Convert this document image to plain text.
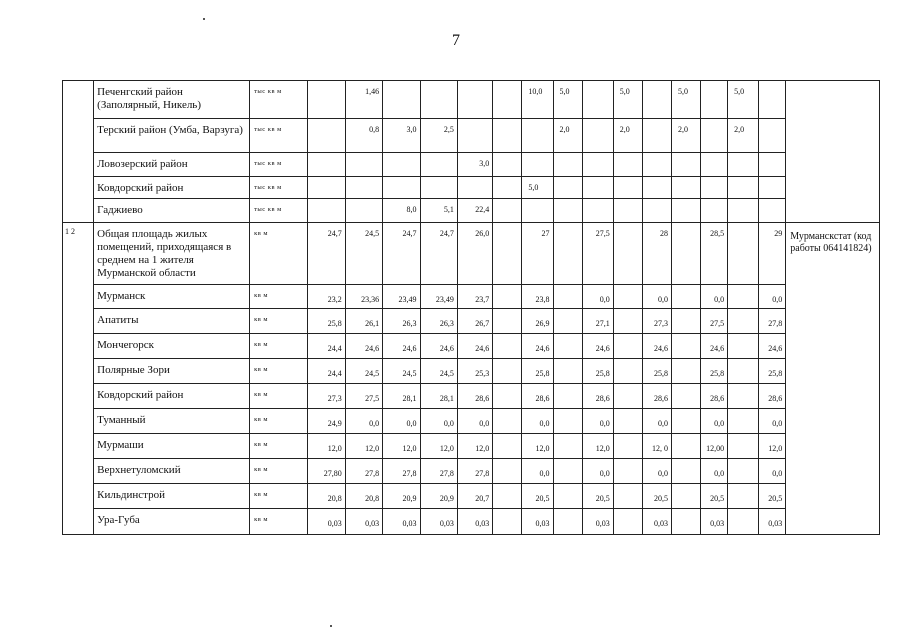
7
	Печенгский район (Заполярный, Никель)	тыс кв м		1,46					10,0	5,0		5,0		5,0		5,0		
	Терский район (Умба, Варзуга)	тыс кв м		0,8	3,0	2,5				2,0		2,0		2,0		2,0		
	Ловозерский район	тыс кв м					3,0											
	Ковдорский район	тыс кв м							5,0									
	Гаджиево	тыс кв м			8,0	5,1	22,4											
1 2	Общая площадь жилых помещений, приходящаяся в среднем на 1 жителя Мурманской области	кв м	24,7	24,5	24,7	24,7	26,0		27		27,5		28		28,5		29	Мурманскстат (код работы 064141824)
	Мурманск	кв м	23,2	23,36	23,49	23,49	23,7		23,8		0,0		0,0		0,0		0,0	
	Апатиты	кв м	25,8	26,1	26,3	26,3	26,7		26,9		27,1		27,3		27,5		27,8	
	Мончегорск	кв м	24,4	24,6	24,6	24,6	24,6		24,6		24,6		24,6		24,6		24,6	
	Полярные Зори	кв м	24,4	24,5	24,5	24,5	25,3		25,8		25,8		25,8		25,8		25,8	
	Ковдорский район	кв м	27,3	27,5	28,1	28,1	28,6		28,6		28,6		28,6		28,6		28,6	
	Туманный	кв м	24,9	0,0	0,0	0,0	0,0		0,0		0,0		0,0		0,0		0,0	
	Мурмаши	кв м	12,0	12,0	12,0	12,0	12,0		12,0		12,0		12, 0		12,00		12,0	
	Верхнетуломский	кв м	27,80	27,8	27,8	27,8	27,8		0,0		0,0		0,0		0,0		0,0	
	Кильдинстрой	кв м	20,8	20,8	20,9	20,9	20,7		20,5		20,5		20,5		20,5		20,5	
	Ура-Губа	кв м	0,03	0,03	0,03	0,03	0,03		0,03		0,03		0,03		0,03		0,03	
